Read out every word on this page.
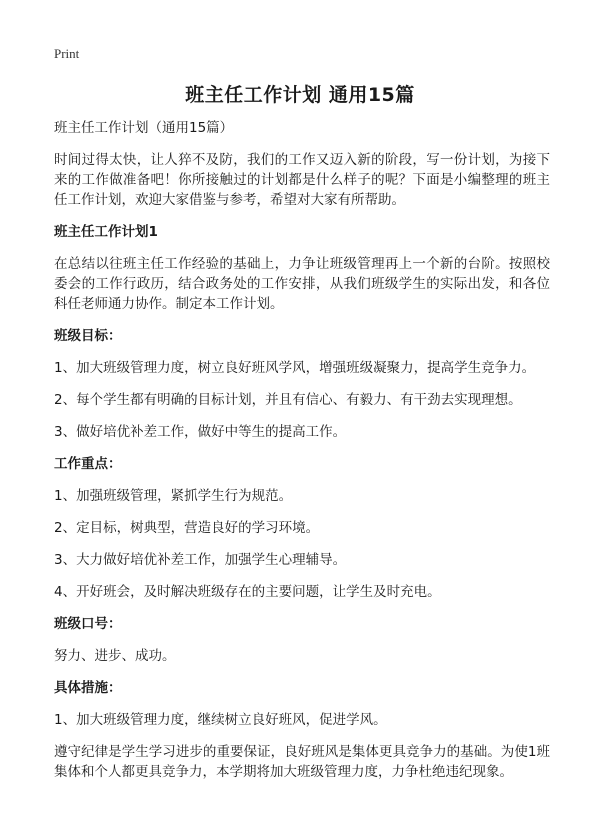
Print
班主任工作计划 通用15篇

班主任工作计划（通用15篇）

时间过得太快，让人猝不及防，我们的工作又迈入新的阶段，写一份计划，为接下来的工作做准备吧！你所接触过的计划都是什么样子的呢？下面是小编整理的班主任工作计划，欢迎大家借鉴与参考，希望对大家有所帮助。

班主任工作计划1

在总结以往班主任工作经验的基础上，力争让班级管理再上一个新的台阶。按照校委会的工作行政历，结合政务处的工作安排，从我们班级学生的实际出发，和各位科任老师通力协作。制定本工作计划。

班级目标：

1、加大班级管理力度，树立良好班风学风，增强班级凝聚力，提高学生竞争力。

2、每个学生都有明确的目标计划，并且有信心、有毅力、有干劲去实现理想。

3、做好培优补差工作，做好中等生的提高工作。

工作重点：

1、加强班级管理，紧抓学生行为规范。

2、定目标，树典型，营造良好的学习环境。

3、大力做好培优补差工作，加强学生心理辅导。

4、开好班会，及时解决班级存在的主要问题，让学生及时充电。

班级口号：

努力、进步、成功。

具体措施：

1、加大班级管理力度，继续树立良好班风，促进学风。

遵守纪律是学生学习进步的重要保证，良好班风是集体更具竞争力的基础。为使1班集体和个人都更具竞争力，本学期将加大班级管理力度，力争杜绝违纪现象。
